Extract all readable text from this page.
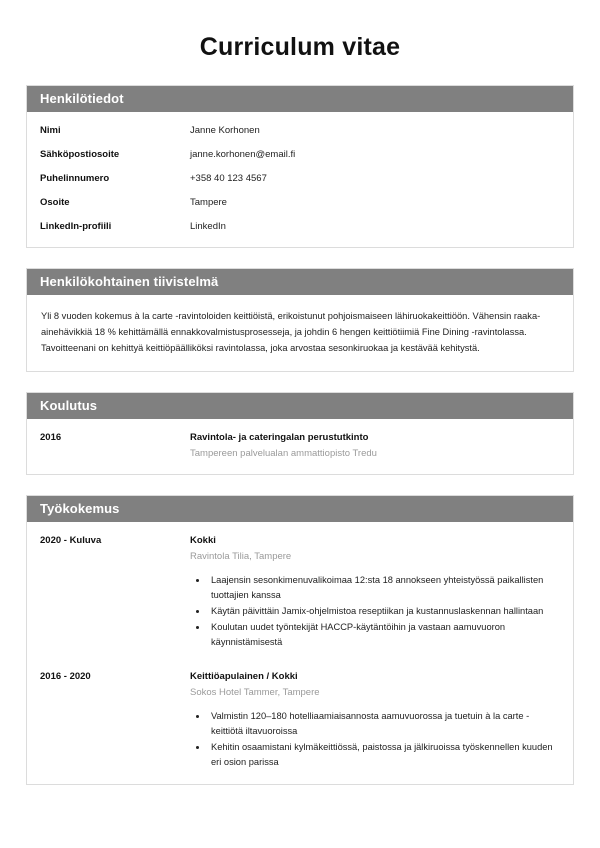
Curriculum vitae
Henkilötiedot
Nimi	Janne Korhonen
Sähköpostiosoite	janne.korhonen@email.fi
Puhelinnumero	+358 40 123 4567
Osoite	Tampere
LinkedIn-profiili	LinkedIn
Henkilökohtainen tiivistelmä

Yli 8 vuoden kokemus à la carte -ravintoloiden keittiöistä, erikoistunut pohjoismaiseen lähiruokakeittiöön. Vähensin raaka-ainehävikkiä 18 % kehittämällä ennakkovalmistusprosesseja, ja johdin 6 hengen keittiötiimiä Fine Dining -ravintolassa. Tavoitteenani on kehittyä keittiöpäälliköksi ravintolassa, joka arvostaa sesonkiruokaa ja kestävää kehitystä.

Koulutus
2016	Ravintola- ja cateringalan perustutkinto
Tampereen palvelualan ammattiopisto Tredu
Työkokemus
2020 - Kuluva	Kokki
Ravintola Tilia, Tampere
• Laajensin sesonkimenuvalikoimaa 12:sta 18 annokseen yhteistyössä paikallisten tuottajien kanssa
• Käytän päivittäin Jamix-ohjelmistoa reseptiikan ja kustannuslaskennan hallintaan
• Koulutan uudet työntekijät HACCP-käytäntöihin ja vastaan aamuvuoron käynnistämisestä
2016 - 2020	Keittiöapulainen / Kokki
Sokos Hotel Tammer, Tampere
• Valmistin 120–180 hotelliaamiaisannosta aamuvuorossa ja tuetuin à la carte -keittiötä iltavuoroissa
• Kehitin osaamistani kylmäkeittiössä, paistossa ja jälkiruoissa työskennellen kuuden eri osion parissa
